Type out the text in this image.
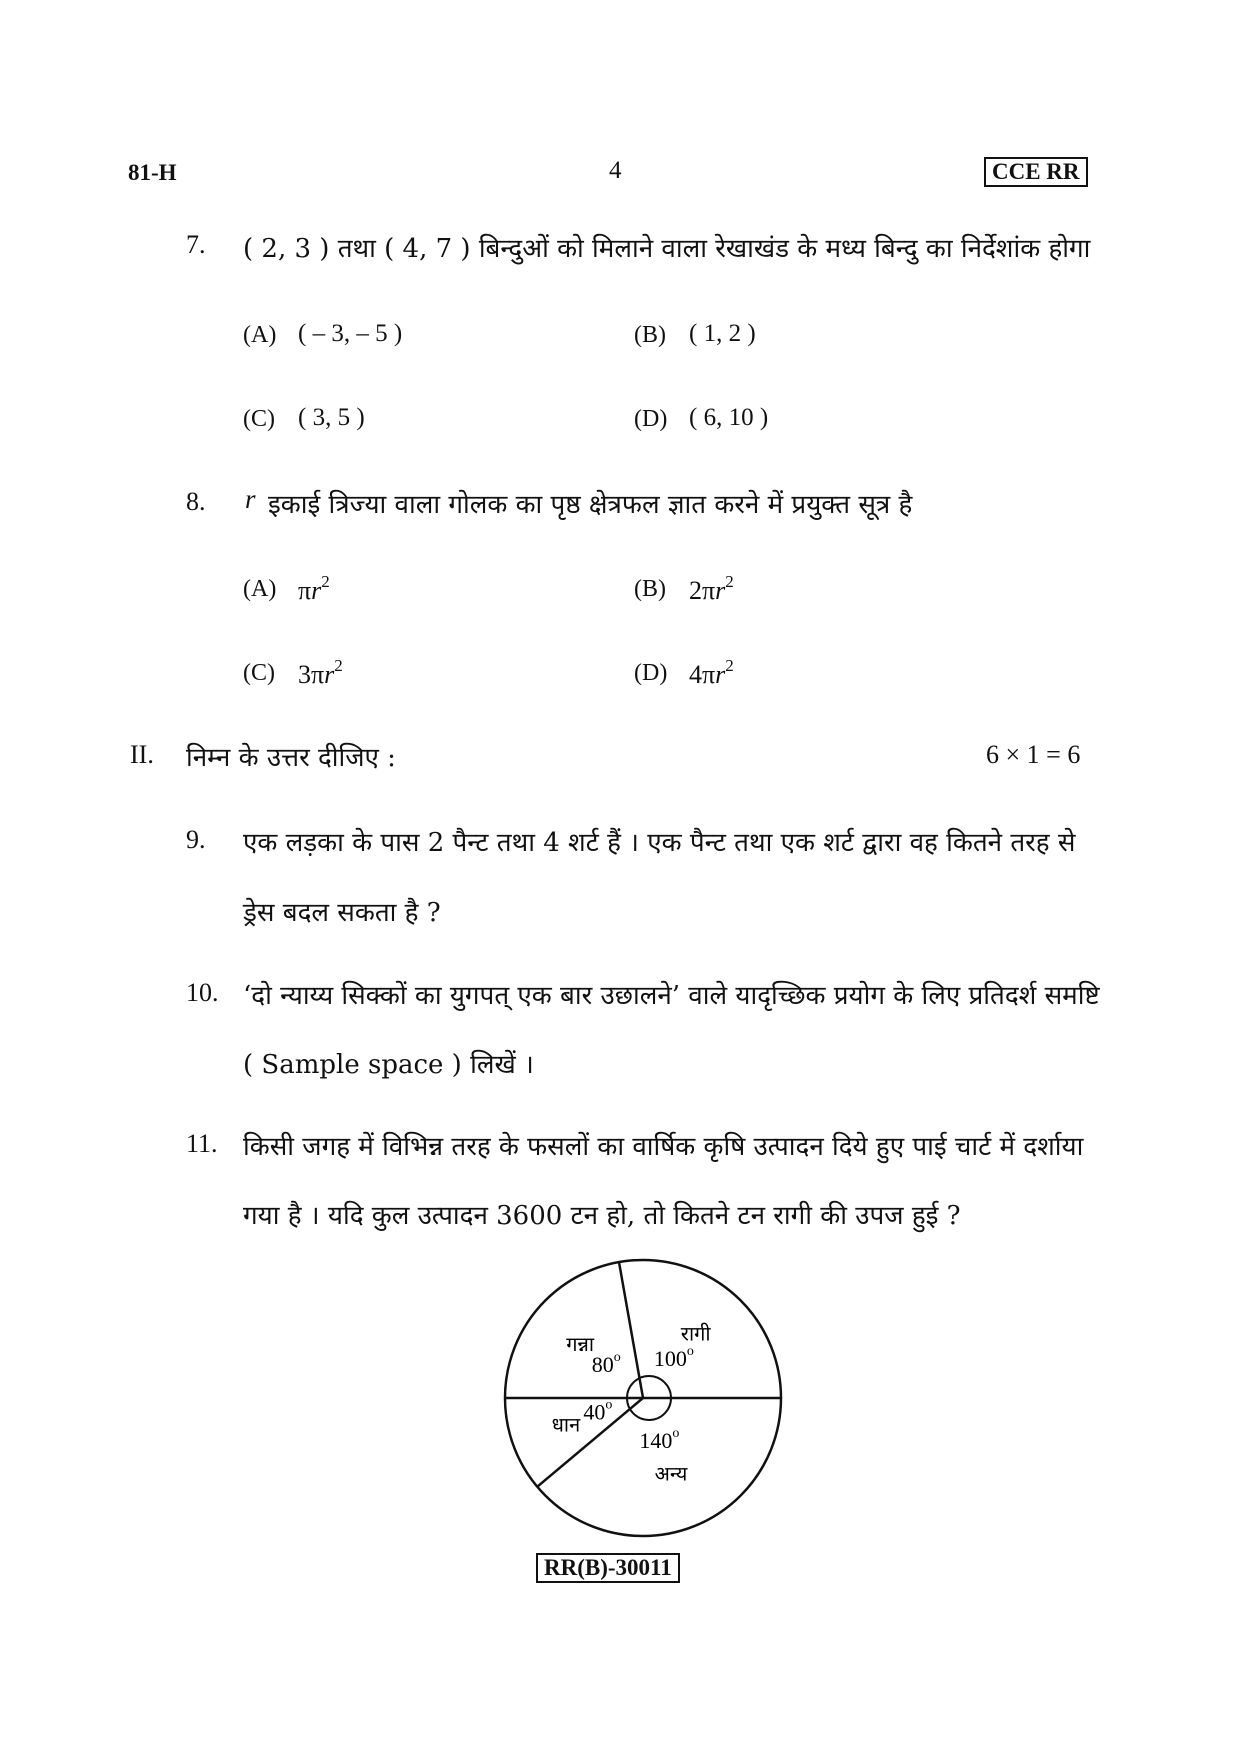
81-H	4	CCE RR
7. ( 2, 3 ) तथा ( 4, 7 ) बिन्दुओं को मिलाने वाला रेखाखंड के मध्य बिन्दु का निर्देशांक होगा
(A) ( – 3, – 5 )	(B) ( 1, 2 )
(C) ( 3, 5 )	(D) ( 6, 10 )
8. r इकाई त्रिज्या वाला गोलक का पृष्ठ क्षेत्रफल ज्ञात करने में प्रयुक्त सूत्र है
(A) $\pi r^2$	(B) $2\pi r^2$
(C) $3\pi r^2$	(D) $4\pi r^2$
II. निम्न के उत्तर दीजिए :	6 × 1 = 6
9. एक लड़का के पास 2 पैन्ट तथा 4 शर्ट हैं । एक पैन्ट तथा एक शर्ट द्वारा वह कितने तरह से
ड्रेस बदल सकता है ?
10. ‘दो न्याय्य सिक्कों का युगपत् एक बार उछालने’ वाले यादृच्छिक प्रयोग के लिए प्रतिदर्श समष्टि
( Sample space ) लिखें ।
11. किसी जगह में विभिन्न तरह के फसलों का वार्षिक कृषि उत्पादन दिये हुए पाई चार्ट में दर्शाया
गया है । यदि कुल उत्पादन 3600 टन हो, तो कितने टन रागी की उपज हुई ?
रागी
100$^o$
गन्ना
80$^o$
धान
40$^o$
अन्य
140$^o$
RR(B)-30011
